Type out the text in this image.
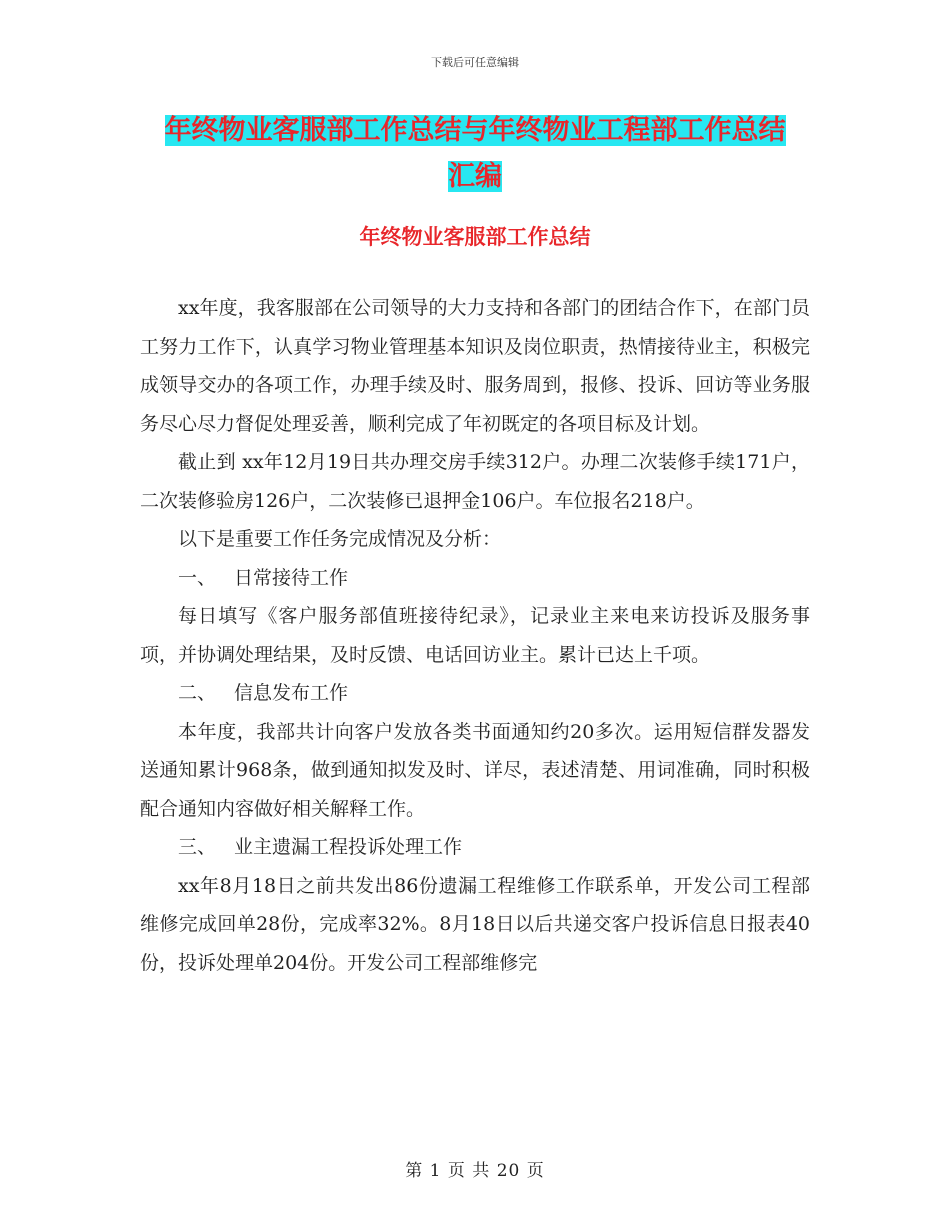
下载后可任意编辑
年终物业客服部工作总结与年终物业工程部工作总结
汇编
年终物业客服部工作总结

xx年度，我客服部在公司领导的大力支持和各部门的团结合作下，在部门员工努力工作下，认真学习物业管理基本知识及岗位职责，热情接待业主，积极完成领导交办的各项工作，办理手续及时、服务周到，报修、投诉、回访等业务服务尽心尽力督促处理妥善，顺利完成了年初既定的各项目标及计划。

截止到 xx年12月19日共办理交房手续312户。办理二次装修手续171户，二次装修验房126户，二次装修已退押金106户。车位报名218户。

以下是重要工作任务完成情况及分析：

一、 日常接待工作

每日填写《客户服务部值班接待纪录》，记录业主来电来访投诉及服务事项，并协调处理结果，及时反馈、电话回访业主。累计已达上千项。

二、 信息发布工作

本年度，我部共计向客户发放各类书面通知约20多次。运用短信群发器发送通知累计968条，做到通知拟发及时、详尽，表述清楚、用词准确，同时积极配合通知内容做好相关解释工作。

三、 业主遗漏工程投诉处理工作

xx年8月18日之前共发出86份遗漏工程维修工作联系单，开发公司工程部维修完成回单28份，完成率32%。8月18日以后共递交客户投诉信息日报表40份，投诉处理单204份。开发公司工程部维修完

第 1 页 共 20 页
